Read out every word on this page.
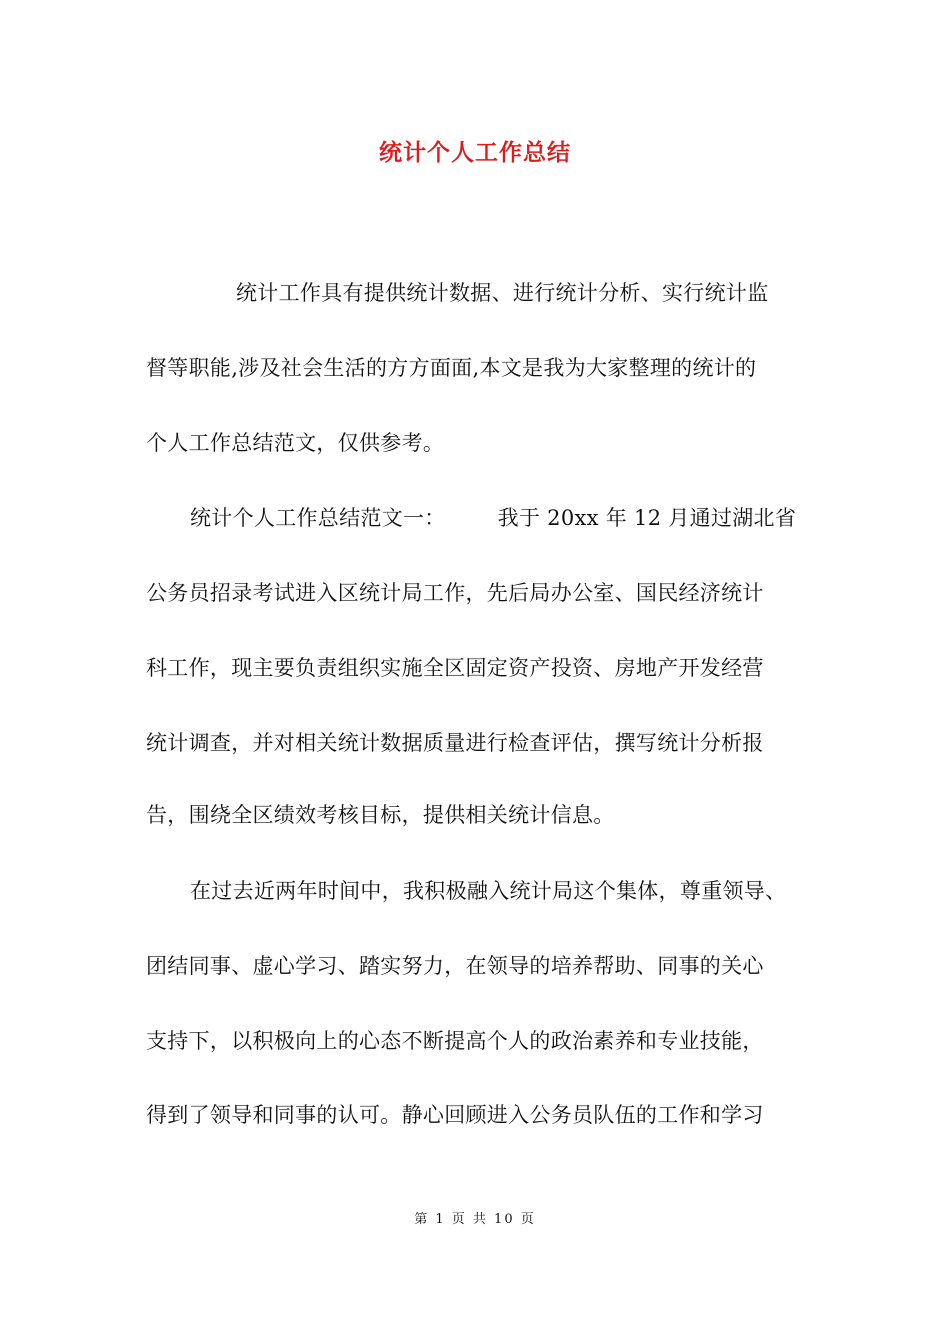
统计个人工作总结
统计工作具有提供统计数据、进行统计分析、实行统计监
督等职能,涉及社会生活的方方面面,本文是我为大家整理的统计的
个人工作总结范文，仅供参考。
统计个人工作总结范文一： 我于 20xx 年 12 月通过湖北省
公务员招录考试进入区统计局工作，先后局办公室、国民经济统计
科工作，现主要负责组织实施全区固定资产投资、房地产开发经营
统计调查，并对相关统计数据质量进行检查评估，撰写统计分析报
告，围绕全区绩效考核目标，提供相关统计信息。
在过去近两年时间中，我积极融入统计局这个集体，尊重领导、
团结同事、虚心学习、踏实努力，在领导的培养帮助、同事的关心
支持下，以积极向上的心态不断提高个人的政治素养和专业技能，
得到了领导和同事的认可。静心回顾进入公务员队伍的工作和学习
第 1 页 共 10 页
